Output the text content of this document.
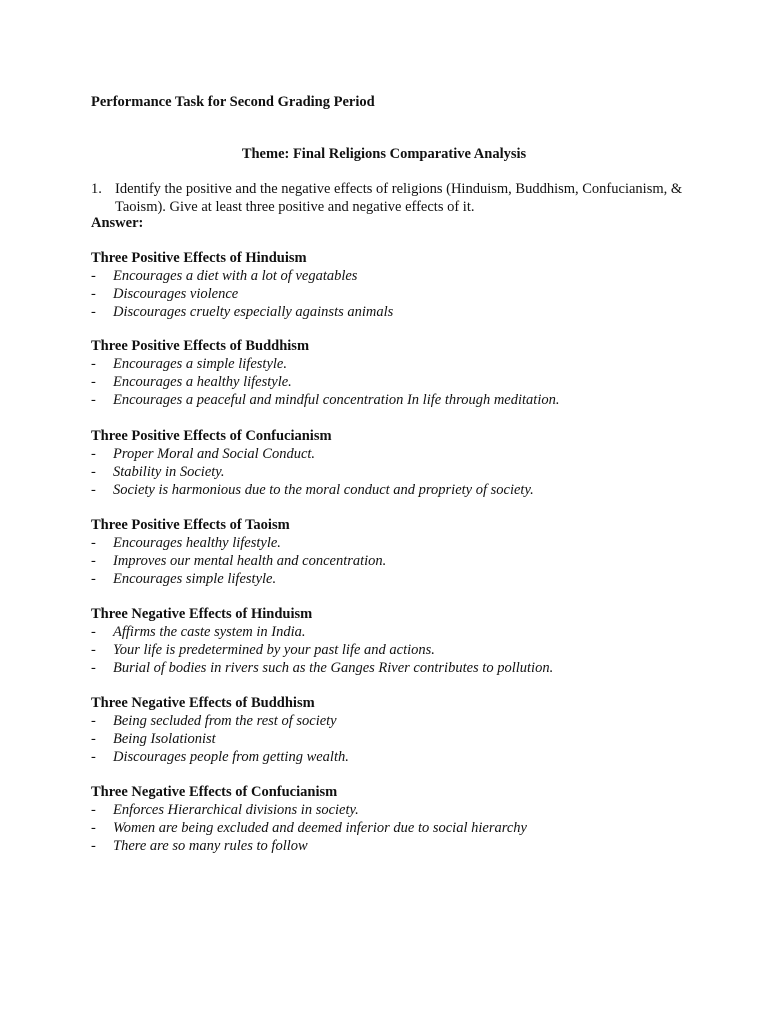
Performance Task for Second Grading Period
Theme: Final Religions Comparative Analysis
1. Identify the positive and the negative effects of religions (Hinduism, Buddhism, Confucianism, & Taoism). Give at least three positive and negative effects of it.
Answer:
Three Positive Effects of Hinduism
- Encourages a diet with a lot of vegatables
- Discourages violence
- Discourages cruelty especially againsts animals
Three Positive Effects of Buddhism
- Encourages a simple lifestyle.
- Encourages a healthy lifestyle.
- Encourages a peaceful and mindful concentration In life through meditation.
Three Positive Effects of Confucianism
- Proper Moral and Social Conduct.
- Stability in Society.
- Society is harmonious due to the moral conduct and propriety of society.
Three Positive Effects of Taoism
- Encourages healthy lifestyle.
- Improves our mental health and concentration.
- Encourages simple lifestyle.
Three Negative Effects of Hinduism
- Affirms the caste system in India.
- Your life is predetermined by your past life and actions.
- Burial of bodies in rivers such as the Ganges River contributes to pollution.
Three Negative Effects of Buddhism
- Being secluded from the rest of society
- Being Isolationist
- Discourages people from getting wealth.
Three Negative Effects of Confucianism
- Enforces Hierarchical divisions in society.
- Women are being excluded and deemed inferior due to social hierarchy
- There are so many rules to follow
